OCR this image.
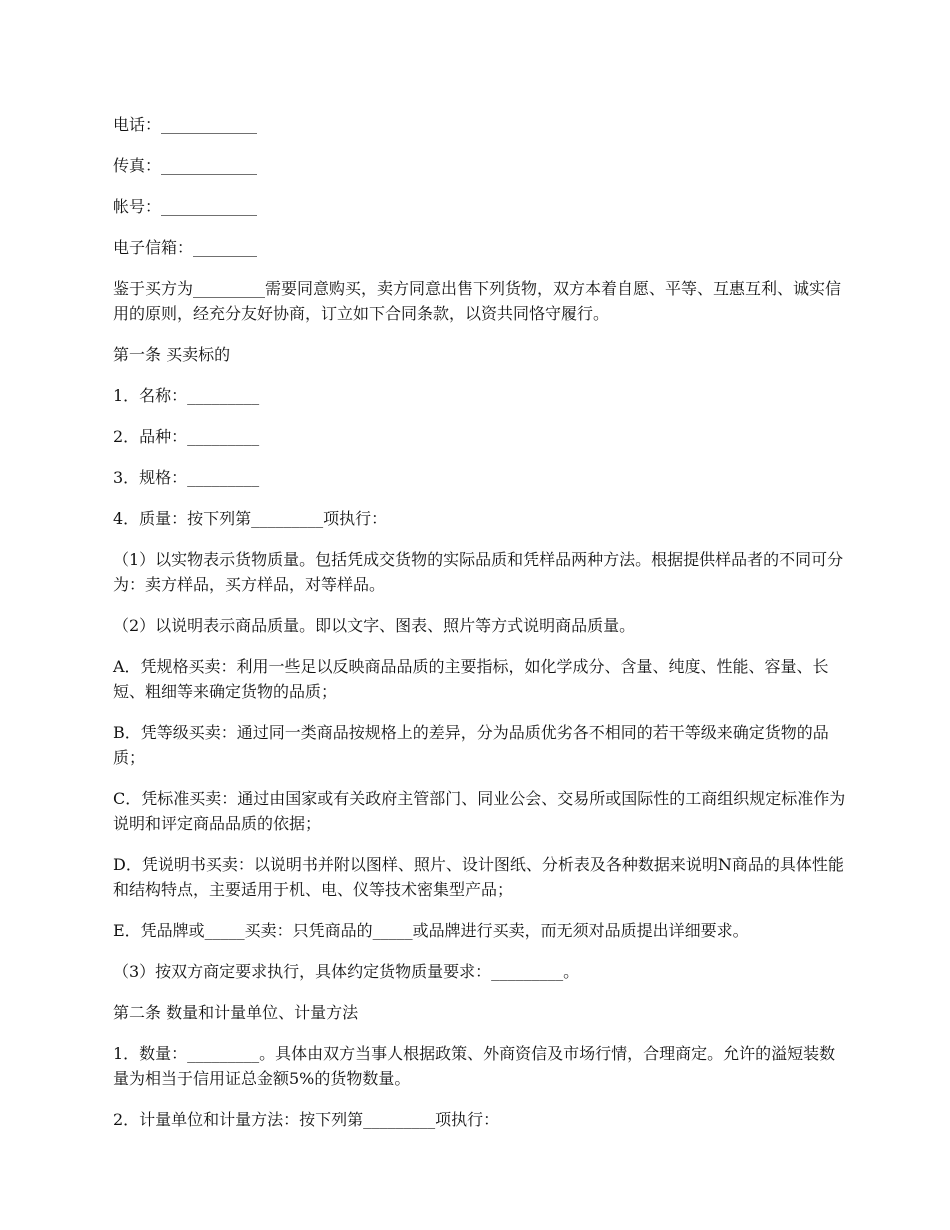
电话：____________

传真：____________

帐号：____________

电子信箱：________

鉴于买方为_________需要同意购买，卖方同意出售下列货物，双方本着自愿、平等、互惠互利、诚实信用的原则，经充分友好协商，订立如下合同条款，以资共同恪守履行。

第一条 买卖标的

1．名称：_________

2．品种：_________

3．规格：_________

4．质量：按下列第_________项执行：

（1）以实物表示货物质量。包括凭成交货物的实际品质和凭样品两种方法。根据提供样品者的不同可分为：卖方样品，买方样品，对等样品。

（2）以说明表示商品质量。即以文字、图表、照片等方式说明商品质量。

A．凭规格买卖：利用一些足以反映商品品质的主要指标，如化学成分、含量、纯度、性能、容量、长短、粗细等来确定货物的品质；

B．凭等级买卖：通过同一类商品按规格上的差异，分为品质优劣各不相同的若干等级来确定货物的品质；

C．凭标准买卖：通过由国家或有关政府主管部门、同业公会、交易所或国际性的工商组织规定标准作为说明和评定商品品质的依据；

D．凭说明书买卖：以说明书并附以图样、照片、设计图纸、分析表及各种数据来说明N商品的具体性能和结构特点，主要适用于机、电、仪等技术密集型产品；

E．凭品牌或_____买卖：只凭商品的_____或品牌进行买卖，而无须对品质提出详细要求。

（3）按双方商定要求执行，具体约定货物质量要求：_________。

第二条 数量和计量单位、计量方法

1．数量：_________。具体由双方当事人根据政策、外商资信及市场行情，合理商定。允许的溢短装数量为相当于信用证总金额5%的货物数量。

2．计量单位和计量方法：按下列第_________项执行：
